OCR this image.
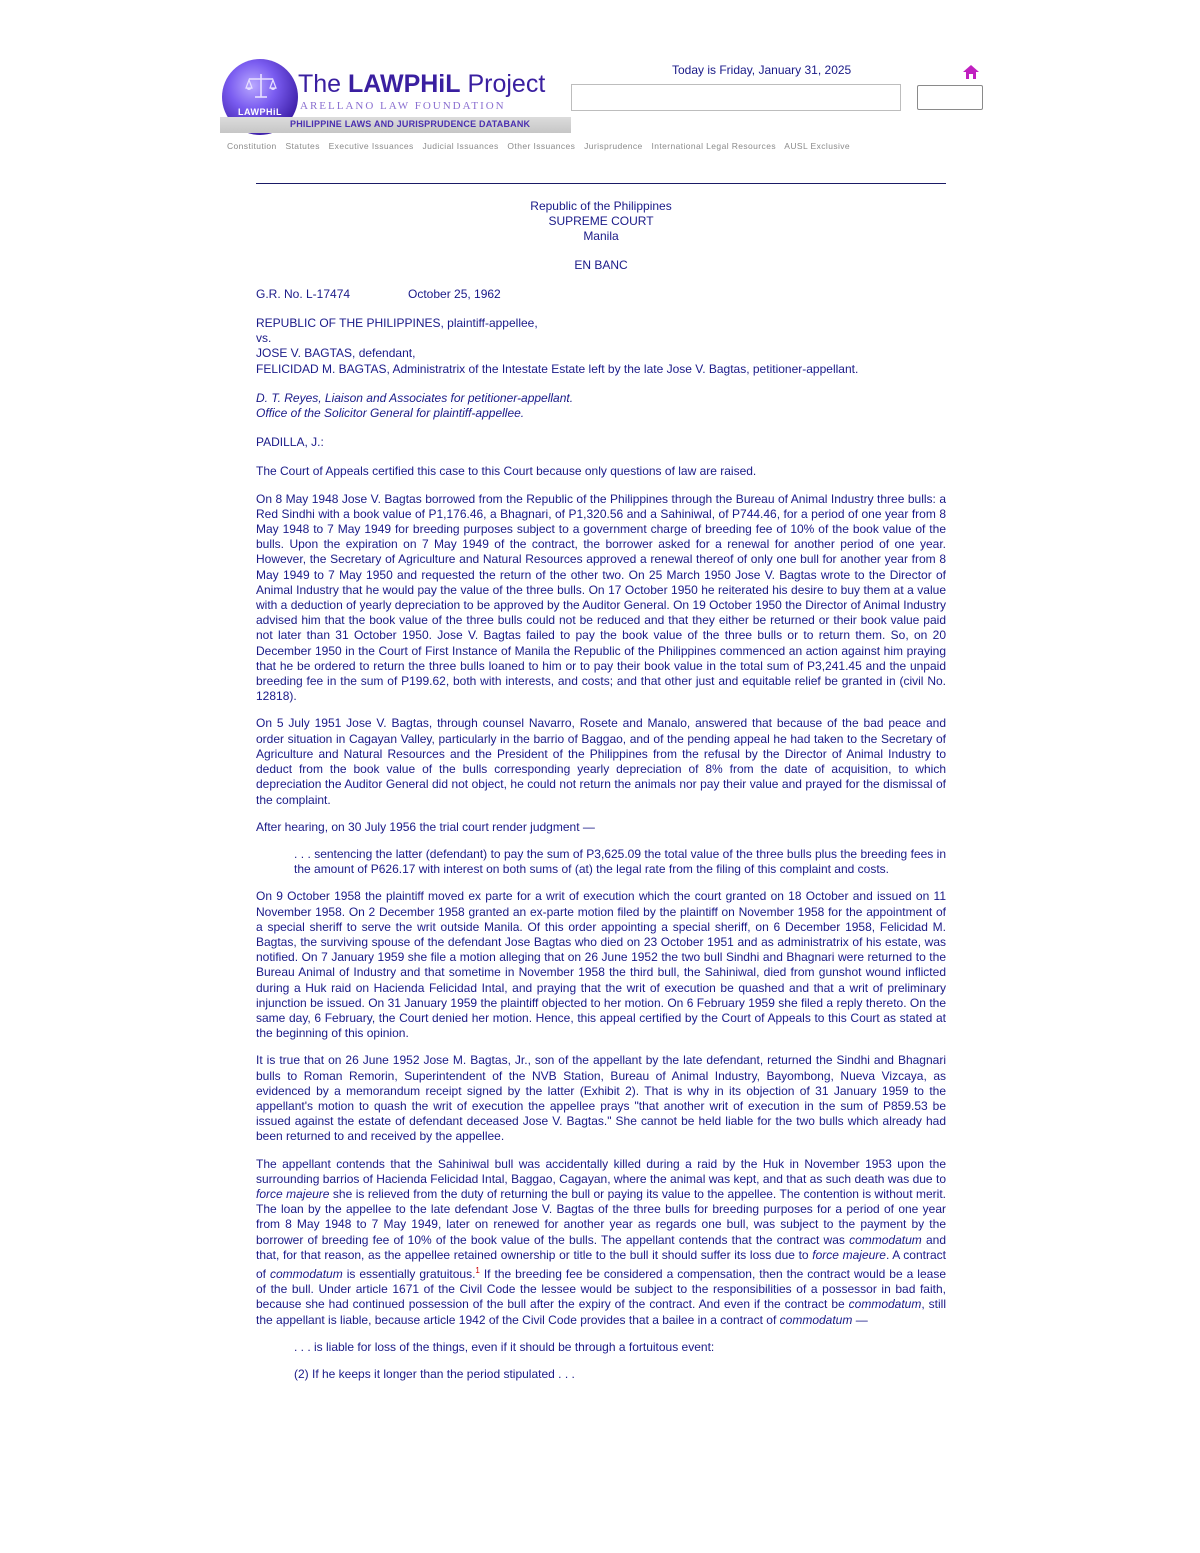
LAWPHiL
The LAWPHiL Project
ARELLANO LAW FOUNDATION
PHILIPPINE LAWS AND JURISPRUDENCE DATABANK
Today is Friday, January 31, 2025
Constitution Statutes Executive Issuances Judicial Issuances Other Issuances Jurisprudence International Legal Resources AUSL Exclusive
Republic of the Philippines
SUPREME COURT
Manila
EN BANC
G.R. No. L-17474	October 25, 1962
REPUBLIC OF THE PHILIPPINES, plaintiff-appellee,
vs.
JOSE V. BAGTAS, defendant,
FELICIDAD M. BAGTAS, Administratrix of the Intestate Estate left by the late Jose V. Bagtas, petitioner-appellant.
D. T. Reyes, Liaison and Associates for petitioner-appellant.
Office of the Solicitor General for plaintiff-appellee.
PADILLA, J.:

The Court of Appeals certified this case to this Court because only questions of law are raised.

On 8 May 1948 Jose V. Bagtas borrowed from the Republic of the Philippines through the Bureau of Animal Industry three bulls: a Red Sindhi with a book value of P1,176.46, a Bhagnari, of P1,320.56 and a Sahiniwal, of P744.46, for a period of one year from 8 May 1948 to 7 May 1949 for breeding purposes subject to a government charge of breeding fee of 10% of the book value of the bulls. Upon the expiration on 7 May 1949 of the contract, the borrower asked for a renewal for another period of one year. However, the Secretary of Agriculture and Natural Resources approved a renewal thereof of only one bull for another year from 8 May 1949 to 7 May 1950 and requested the return of the other two. On 25 March 1950 Jose V. Bagtas wrote to the Director of Animal Industry that he would pay the value of the three bulls. On 17 October 1950 he reiterated his desire to buy them at a value with a deduction of yearly depreciation to be approved by the Auditor General. On 19 October 1950 the Director of Animal Industry advised him that the book value of the three bulls could not be reduced and that they either be returned or their book value paid not later than 31 October 1950. Jose V. Bagtas failed to pay the book value of the three bulls or to return them. So, on 20 December 1950 in the Court of First Instance of Manila the Republic of the Philippines commenced an action against him praying that he be ordered to return the three bulls loaned to him or to pay their book value in the total sum of P3,241.45 and the unpaid breeding fee in the sum of P199.62, both with interests, and costs; and that other just and equitable relief be granted in (civil No. 12818).

On 5 July 1951 Jose V. Bagtas, through counsel Navarro, Rosete and Manalo, answered that because of the bad peace and order situation in Cagayan Valley, particularly in the barrio of Baggao, and of the pending appeal he had taken to the Secretary of Agriculture and Natural Resources and the President of the Philippines from the refusal by the Director of Animal Industry to deduct from the book value of the bulls corresponding yearly depreciation of 8% from the date of acquisition, to which depreciation the Auditor General did not object, he could not return the animals nor pay their value and prayed for the dismissal of the complaint.

After hearing, on 30 July 1956 the trial court render judgment —

. . . sentencing the latter (defendant) to pay the sum of P3,625.09 the total value of the three bulls plus the breeding fees in the amount of P626.17 with interest on both sums of (at) the legal rate from the filing of this complaint and costs.

On 9 October 1958 the plaintiff moved ex parte for a writ of execution which the court granted on 18 October and issued on 11 November 1958. On 2 December 1958 granted an ex-parte motion filed by the plaintiff on November 1958 for the appointment of a special sheriff to serve the writ outside Manila. Of this order appointing a special sheriff, on 6 December 1958, Felicidad M. Bagtas, the surviving spouse of the defendant Jose Bagtas who died on 23 October 1951 and as administratrix of his estate, was notified. On 7 January 1959 she file a motion alleging that on 26 June 1952 the two bull Sindhi and Bhagnari were returned to the Bureau Animal of Industry and that sometime in November 1958 the third bull, the Sahiniwal, died from gunshot wound inflicted during a Huk raid on Hacienda Felicidad Intal, and praying that the writ of execution be quashed and that a writ of preliminary injunction be issued. On 31 January 1959 the plaintiff objected to her motion. On 6 February 1959 she filed a reply thereto. On the same day, 6 February, the Court denied her motion. Hence, this appeal certified by the Court of Appeals to this Court as stated at the beginning of this opinion.

It is true that on 26 June 1952 Jose M. Bagtas, Jr., son of the appellant by the late defendant, returned the Sindhi and Bhagnari bulls to Roman Remorin, Superintendent of the NVB Station, Bureau of Animal Industry, Bayombong, Nueva Vizcaya, as evidenced by a memorandum receipt signed by the latter (Exhibit 2). That is why in its objection of 31 January 1959 to the appellant's motion to quash the writ of execution the appellee prays "that another writ of execution in the sum of P859.53 be issued against the estate of defendant deceased Jose V. Bagtas." She cannot be held liable for the two bulls which already had been returned to and received by the appellee.

The appellant contends that the Sahiniwal bull was accidentally killed during a raid by the Huk in November 1953 upon the surrounding barrios of Hacienda Felicidad Intal, Baggao, Cagayan, where the animal was kept, and that as such death was due to force majeure she is relieved from the duty of returning the bull or paying its value to the appellee. The contention is without merit. The loan by the appellee to the late defendant Jose V. Bagtas of the three bulls for breeding purposes for a period of one year from 8 May 1948 to 7 May 1949, later on renewed for another year as regards one bull, was subject to the payment by the borrower of breeding fee of 10% of the book value of the bulls. The appellant contends that the contract was commodatum and that, for that reason, as the appellee retained ownership or title to the bull it should suffer its loss due to force majeure. A contract of commodatum is essentially gratuitous.$^1$ If the breeding fee be considered a compensation, then the contract would be a lease of the bull. Under article 1671 of the Civil Code the lessee would be subject to the responsibilities of a possessor in bad faith, because she had continued possession of the bull after the expiry of the contract. And even if the contract be commodatum, still the appellant is liable, because article 1942 of the Civil Code provides that a bailee in a contract of commodatum —

. . . is liable for loss of the things, even if it should be through a fortuitous event:

(2) If he keeps it longer than the period stipulated . . .
